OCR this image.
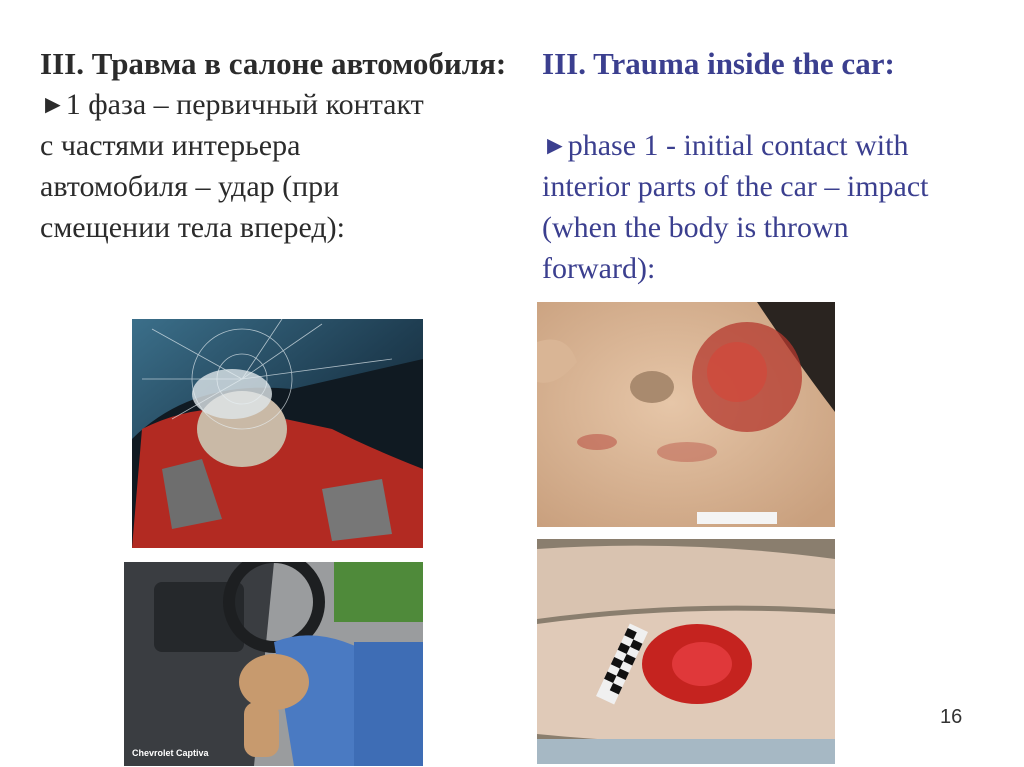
III. Травма в салоне автомобиля:

►1 фаза – первичный контакт
с частями интерьера
автомобиля – удар (при
смещении тела вперед):

III. Trauma inside the car:

►phase 1 - initial contact with
interior parts of the car – impact
(when the body is thrown
forward):

Chevrolet Captiva
16
